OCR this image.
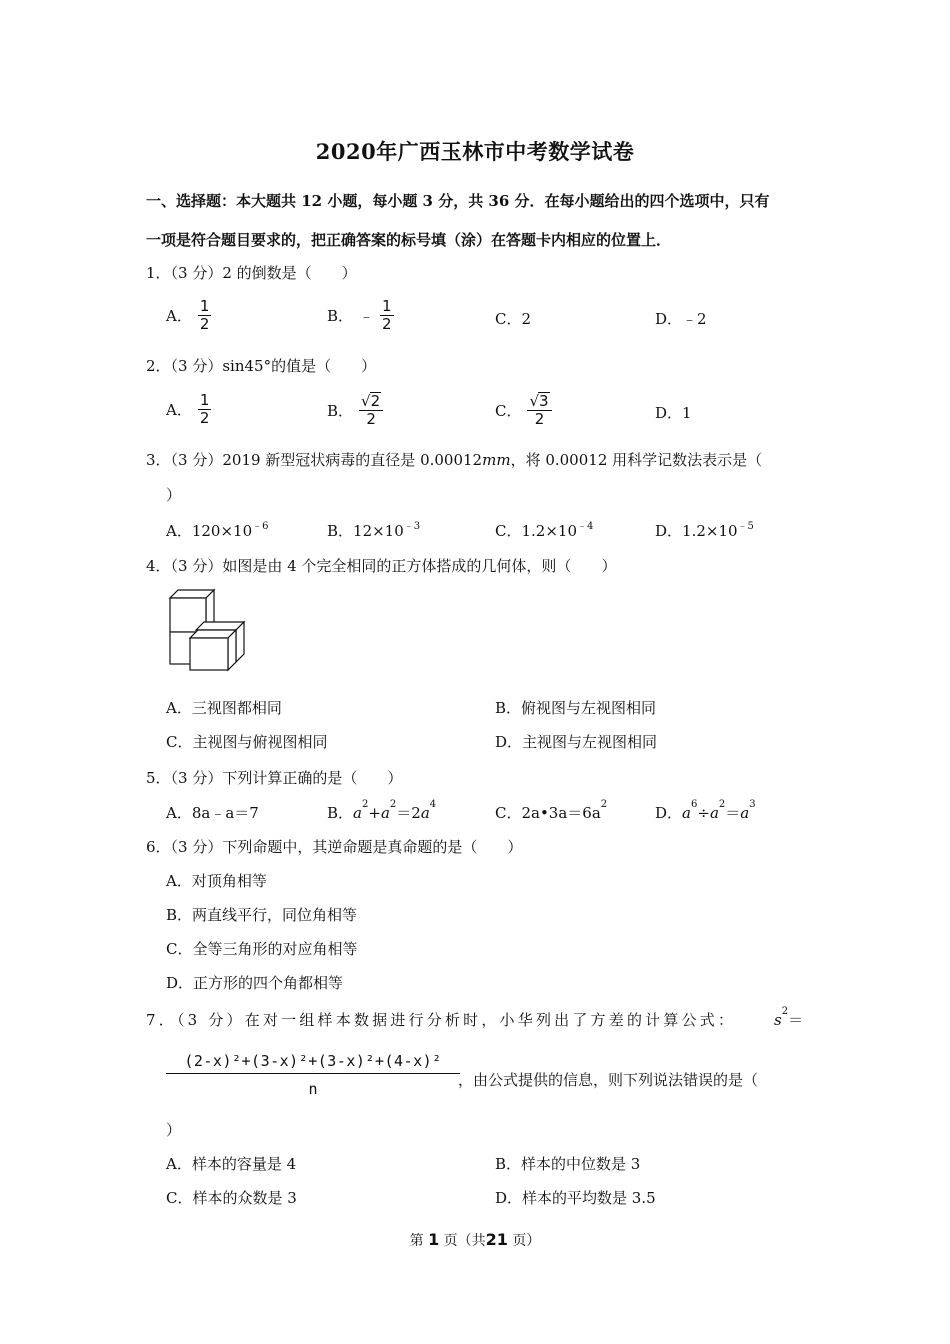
2020年广西玉林市中考数学试卷
一、选择题：本大题共 12 小题，每小题 3 分，共 36 分．在每小题给出的四个选项中，只有
一项是符合题目要求的，把正确答案的标号填（涂）在答题卡内相应的位置上．
1．（3 分）2 的倒数是（　　）
A． $\frac{1}{2}$	B． ﹣ $\frac{1}{2}$	C．2	D．﹣2
2．（3 分）sin45°的值是（　　）
A． $\frac{1}{2}$	B． $\frac{√2}{2}$	C． $\frac{√3}{2}$	D．1
3．（3 分）2019 新型冠状病毒的直径是 0.00012mm，将 0.00012 用科学记数法表示是（
）
A．$120\times 10^{﹣6}$	B．$12\times 10^{﹣3}$	C．$1.2\times 10^{﹣4}$	D．$1.2\times 10^{﹣5}$
4．（3 分）如图是由 4 个完全相同的正方体搭成的几何体，则（　　）
A．三视图都相同	B．俯视图与左视图相同
C．主视图与俯视图相同	D．主视图与左视图相同
5．（3 分）下列计算正确的是（　　）
A．8a﹣a＝7	B．$a^2+a^2=2a^4$	C．$2a•3a=6a^2$	D．$a^6\div a^2=a^3$
6．（3 分）下列命题中，其逆命题是真命题的是（　　）
A．对顶角相等
B．两直线平行，同位角相等
C．全等三角形的对应角相等
D．正方形的四个角都相等
7．（3 分）在对一组样本数据进行分析时，小华列出了方差的计算公式：	$s^2=$
$\frac{\text{(2-x)²+(3-x)²+(3-x)²+(4-x)²}}{n}$
，由公式提供的信息，则下列说法错误的是（
）
A．样本的容量是 4	B．样本的中位数是 3
C．样本的众数是 3	D．样本的平均数是 3.5
第 1 页（共21 页）
